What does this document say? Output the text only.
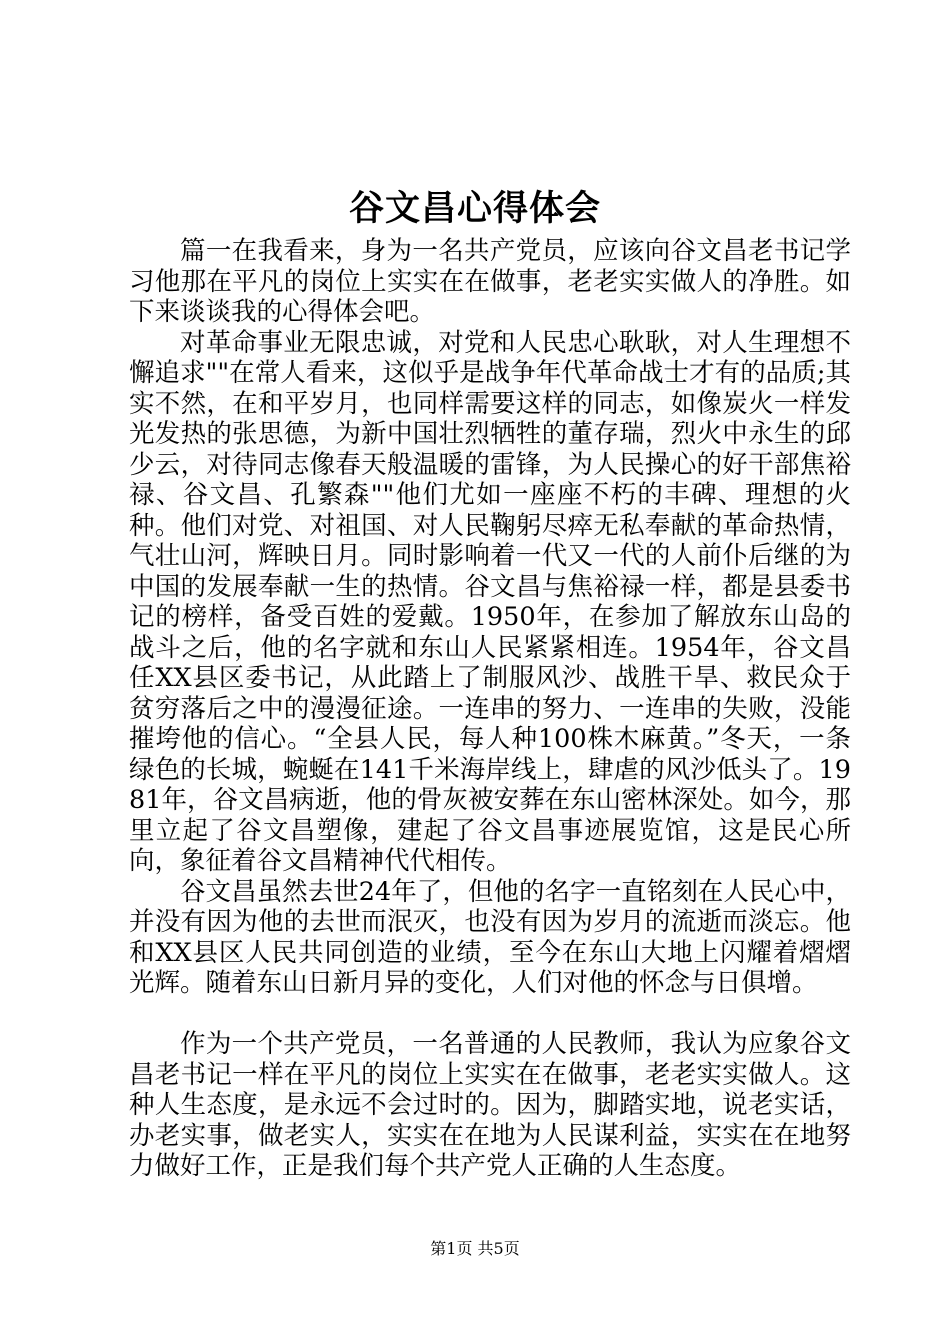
谷文昌心得体会

篇一在我看来，身为一名共产党员，应该向谷文昌老书记学习他那在平凡的岗位上实实在在做事，老老实实做人的净胜。如下来谈谈我的心得体会吧。

对革命事业无限忠诚，对党和人民忠心耿耿，对人生理想不懈追求""在常人看来，这似乎是战争年代革命战士才有的品质;其实不然，在和平岁月，也同样需要这样的同志，如像炭火一样发光发热的张思德，为新中国壮烈牺牲的董存瑞，烈火中永生的邱少云，对待同志像春天般温暖的雷锋，为人民操心的好干部焦裕禄、谷文昌、孔繁森""他们尤如一座座不朽的丰碑、理想的火种。他们对党、对祖国、对人民鞠躬尽瘁无私奉献的革命热情，气壮山河，辉映日月。同时影响着一代又一代的人前仆后继的为中国的发展奉献一生的热情。谷文昌与焦裕禄一样，都是县委书记的榜样，备受百姓的爱戴。1950年，在参加了解放东山岛的战斗之后，他的名字就和东山人民紧紧相连。1954年，谷文昌任XX县区委书记，从此踏上了制服风沙、战胜干旱、救民众于贫穷落后之中的漫漫征途。一连串的努力、一连串的失败，没能摧垮他的信心。“全县人民，每人种100株木麻黄。”冬天，一条绿色的长城，蜿蜒在141千米海岸线上，肆虐的风沙低头了。1981年，谷文昌病逝，他的骨灰被安葬在东山密林深处。如今，那里立起了谷文昌塑像，建起了谷文昌事迹展览馆，这是民心所向，象征着谷文昌精神代代相传。

谷文昌虽然去世24年了，但他的名字一直铭刻在人民心中，并没有因为他的去世而泯灭，也没有因为岁月的流逝而淡忘。他和XX县区人民共同创造的业绩，至今在东山大地上闪耀着熠熠光辉。随着东山日新月异的变化，人们对他的怀念与日俱增。

作为一个共产党员，一名普通的人民教师，我认为应象谷文昌老书记一样在平凡的岗位上实实在在做事，老老实实做人。这种人生态度，是永远不会过时的。因为，脚踏实地，说老实话，办老实事，做老实人，实实在在地为人民谋利益，实实在在地努力做好工作，正是我们每个共产党人正确的人生态度。

第1页 共5页
